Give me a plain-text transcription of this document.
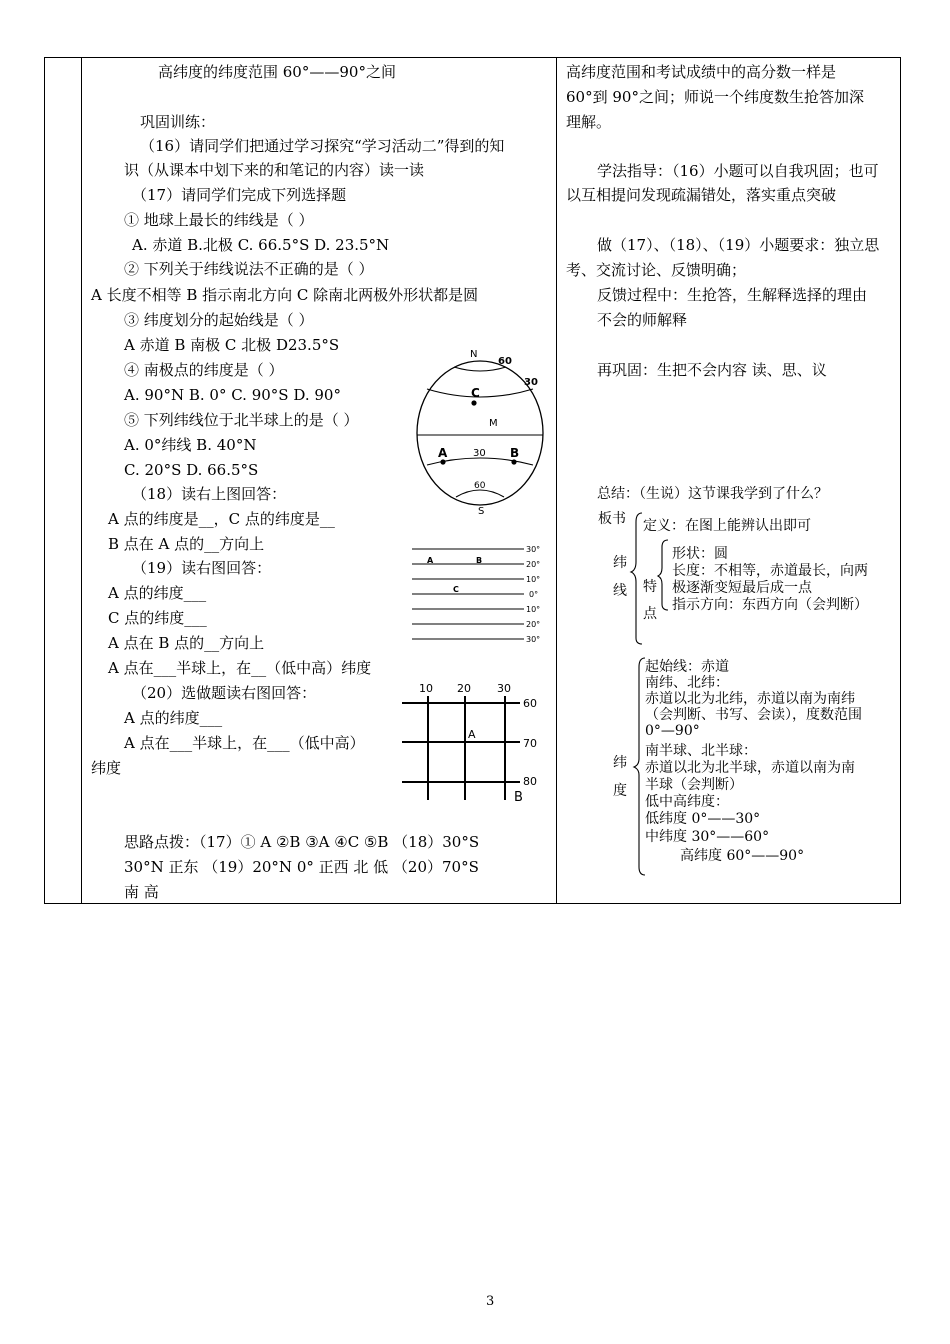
高纬度的纬度范围 60°——90°之间
巩固训练：
（16）请同学们把通过学习探究“学习活动二”得到的知
识（从课本中划下来的和笔记的内容）读一读
（17）请同学们完成下列选择题
① 地球上最长的纬线是（ ）
A. 赤道 B.北极 C. 66.5°S D. 23.5°N
② 下列关于纬线说法不正确的是（ ）
A 长度不相等 B 指示南北方向 C 除南北两极外形状都是圆
③ 纬度划分的起始线是（ ）
A 赤道 B 南极 C 北极 D23.5°S
④ 南极点的纬度是（ ）
A. 90°N B. 0° C. 90°S D. 90°
⑤ 下列纬线位于北半球上的是（ ）
A. 0°纬线 B. 40°N
C. 20°S D. 66.5°S
（18）读右上图回答：
A 点的纬度是__，C 点的纬度是__
B 点在 A 点的__方向上
（19）读右图回答：
A 点的纬度___
C 点的纬度___
A 点在 B 点的__方向上
A 点在___半球上，在__（低中高）纬度
（20）选做题读右图回答：
A 点的纬度___
A 点在___半球上，在___（低中高）
纬度
思路点拨：（17）① A ②B ③A ④C ⑤B （18）30°S
30°N 正东 （19）20°N 0° 正西 北 低 （20）70°S
南 高
N
60
30
C
M
30
A	B
60
S
30°
20°
10°
0°
10°
20°
30°
A	B
C
10 20 30
60
70
80
A
B
高纬度范围和考试成绩中的高分数一样是
60°到 90°之间；师说一个纬度数生抢答加深
理解。
学法指导：（16）小题可以自我巩固；也可
以互相提问发现疏漏错处，落实重点突破
做（17）、（18）、（19）小题要求：独立思
考、交流讨论、反馈明确；
反馈过程中：生抢答，生解释选择的理由
不会的师解释
再巩固：生把不会内容 读、思、议
总结：（生说）这节课我学到了什么？
板书
纬
线
定义：在图上能辨认出即可
特
点
形状：圆
长度：不相等，赤道最长，向两
极逐渐变短最后成一点
指示方向：东西方向（会判断）
纬
度
起始线：赤道
南纬、北纬：
赤道以北为北纬，赤道以南为南纬
（会判断、书写、会读），度数范围
0°—90°
南半球、北半球：
赤道以北为北半球，赤道以南为南
半球（会判断）
低中高纬度：
低纬度 0°——30°
中纬度 30°——60°
高纬度 60°——90°
3
